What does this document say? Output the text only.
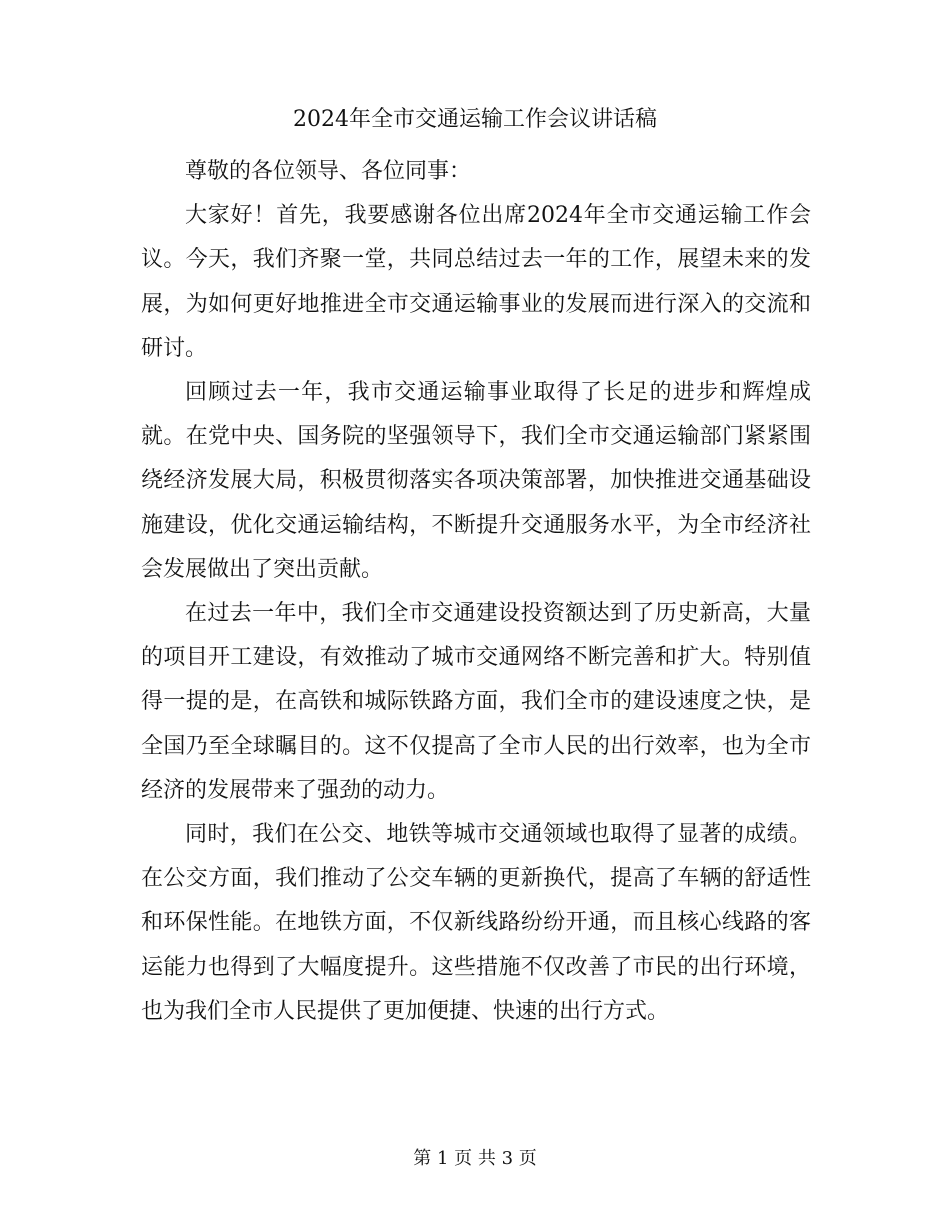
2024年全市交通运输工作会议讲话稿

尊敬的各位领导、各位同事：

大家好！首先，我要感谢各位出席2024年全市交通运输工作会议。今天，我们齐聚一堂，共同总结过去一年的工作，展望未来的发展，为如何更好地推进全市交通运输事业的发展而进行深入的交流和研讨。

回顾过去一年，我市交通运输事业取得了长足的进步和辉煌成就。在党中央、国务院的坚强领导下，我们全市交通运输部门紧紧围绕经济发展大局，积极贯彻落实各项决策部署，加快推进交通基础设施建设，优化交通运输结构，不断提升交通服务水平，为全市经济社会发展做出了突出贡献。

在过去一年中，我们全市交通建设投资额达到了历史新高，大量的项目开工建设，有效推动了城市交通网络不断完善和扩大。特别值得一提的是，在高铁和城际铁路方面，我们全市的建设速度之快，是全国乃至全球瞩目的。这不仅提高了全市人民的出行效率，也为全市经济的发展带来了强劲的动力。

同时，我们在公交、地铁等城市交通领域也取得了显著的成绩。在公交方面，我们推动了公交车辆的更新换代，提高了车辆的舒适性和环保性能。在地铁方面，不仅新线路纷纷开通，而且核心线路的客运能力也得到了大幅度提升。这些措施不仅改善了市民的出行环境，也为我们全市人民提供了更加便捷、快速的出行方式。

第 1 页 共 3 页
